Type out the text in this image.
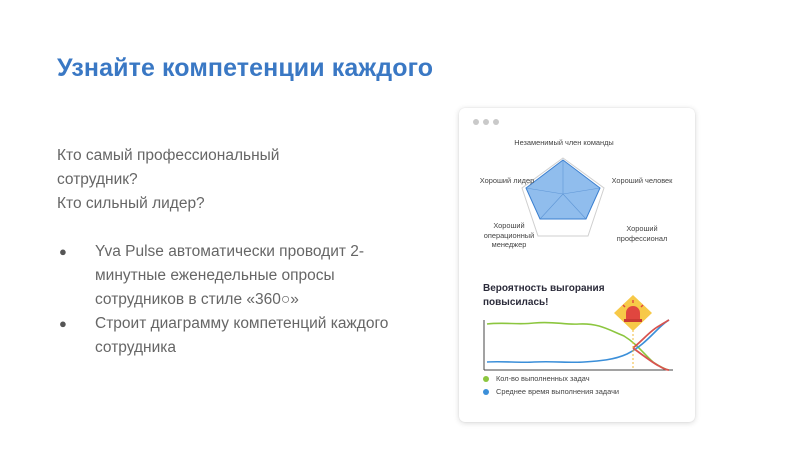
Узнайте компетенции каждого

Кто самый профессиональный

сотрудник?

Кто сильный лидер?

● Yva Pulse автоматически проводит 2-минутные еженедельные опросы сотрудников в стиле «360○»
● Строит диаграмму компетенций каждого сотрудника
Незаменимый член команды
Хороший человек
Хороший профессионал
Хороший операционный менеджер
Хороший лидер
Вероятность выгорания повысилась!
Кол-во выполненных задач
Среднее время выполнения задачи
